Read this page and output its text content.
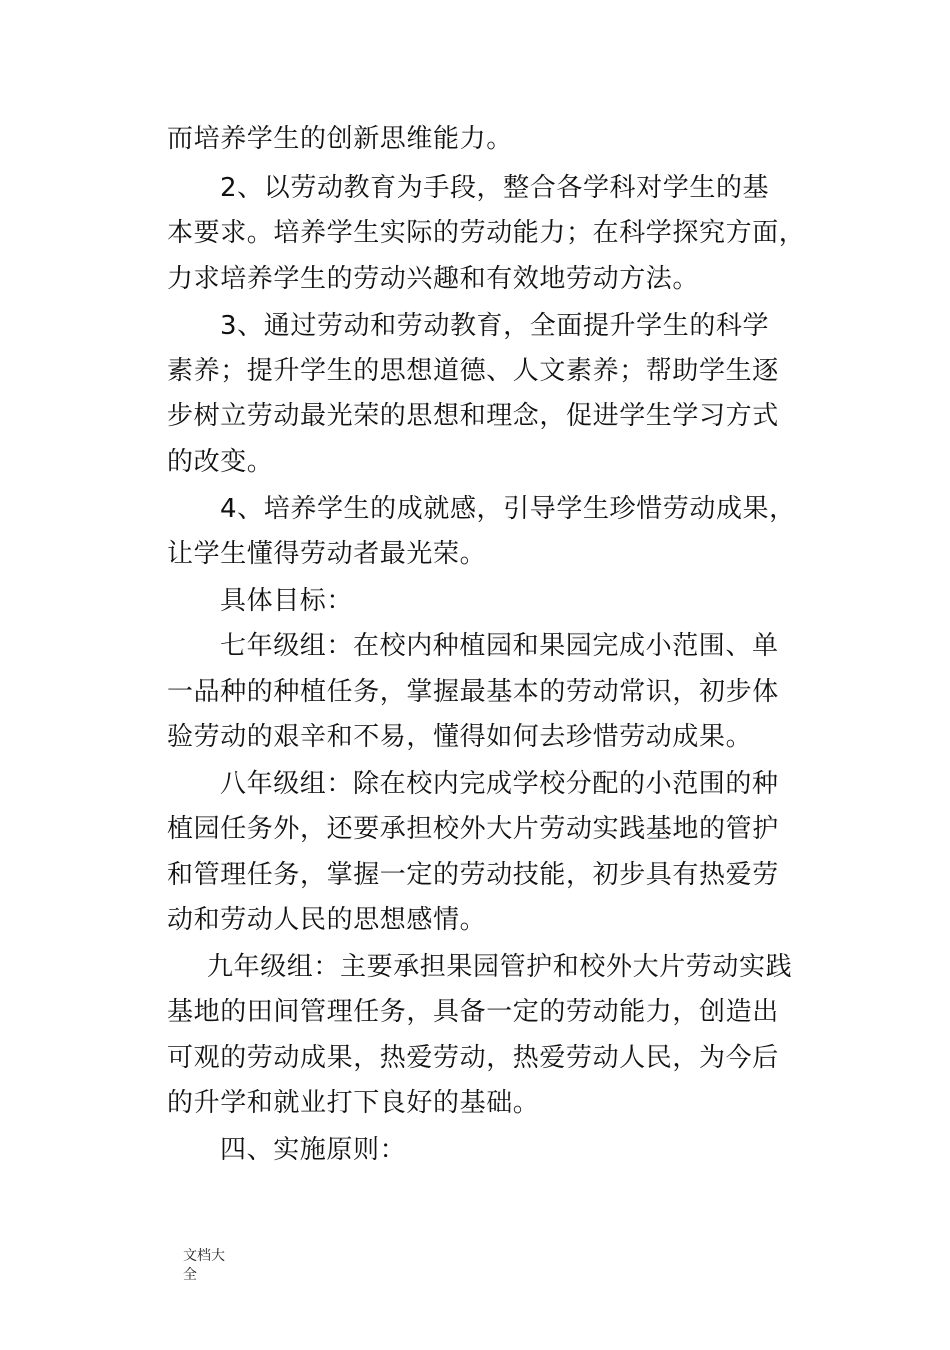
而培养学生的创新思维能力。
2、以劳动教育为手段，整合各学科对学生的基
本要求。培养学生实际的劳动能力；在科学探究方面，
力求培养学生的劳动兴趣和有效地劳动方法。
3、通过劳动和劳动教育，全面提升学生的科学
素养；提升学生的思想道德、人文素养；帮助学生逐
步树立劳动最光荣的思想和理念，促进学生学习方式
的改变。
4、培养学生的成就感，引导学生珍惜劳动成果，
让学生懂得劳动者最光荣。
具体目标：
七年级组：在校内种植园和果园完成小范围、单
一品种的种植任务，掌握最基本的劳动常识，初步体
验劳动的艰辛和不易，懂得如何去珍惜劳动成果。
八年级组：除在校内完成学校分配的小范围的种
植园任务外，还要承担校外大片劳动实践基地的管护
和管理任务，掌握一定的劳动技能，初步具有热爱劳
动和劳动人民的思想感情。
九年级组：主要承担果园管护和校外大片劳动实践
基地的田间管理任务，具备一定的劳动能力，创造出
可观的劳动成果，热爱劳动，热爱劳动人民，为今后
的升学和就业打下良好的基础。
四、实施原则：
文档大
全
